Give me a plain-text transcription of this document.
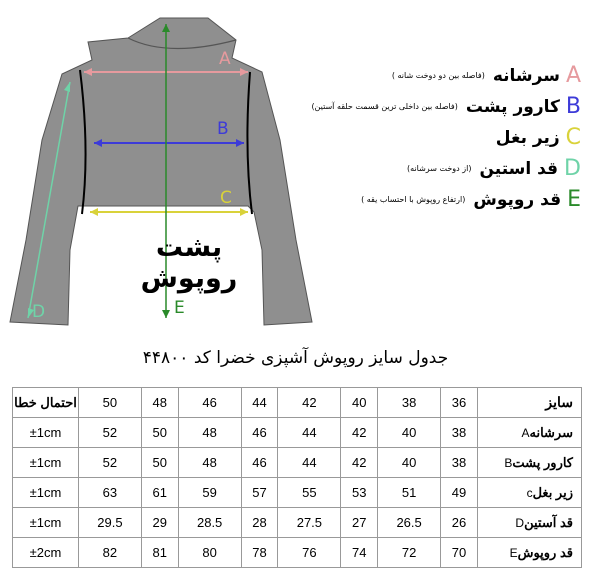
A
B
C
D	E
پشت روپوش
A
سرشانه
(فاصله بین دو دوخت شانه )
B
کارور پشت
(فاصله بین داخلی ترین قسمت حلقه آستین)
C
زیر بغل
D
قد استین
(از دوخت سرشانه)
E
قد روپوش
(ارتفاع روپوش با احتساب یقه )
جدول سایز روپوش آشپزی خضرا کد ۴۴۸۰۰
احتمال خطا	50	48	46	44	42	40	38	36	سایز
±1cm	52	50	48	46	44	42	40	38	سرشانهA
±1cm	52	50	48	46	44	42	40	38	کارور پشتB
±1cm	63	61	59	57	55	53	51	49	زیر بغلc
±1cm	29.5	29	28.5	28	27.5	27	26.5	26	قد آستینD
±2cm	82	81	80	78	76	74	72	70	قد روپوشE
